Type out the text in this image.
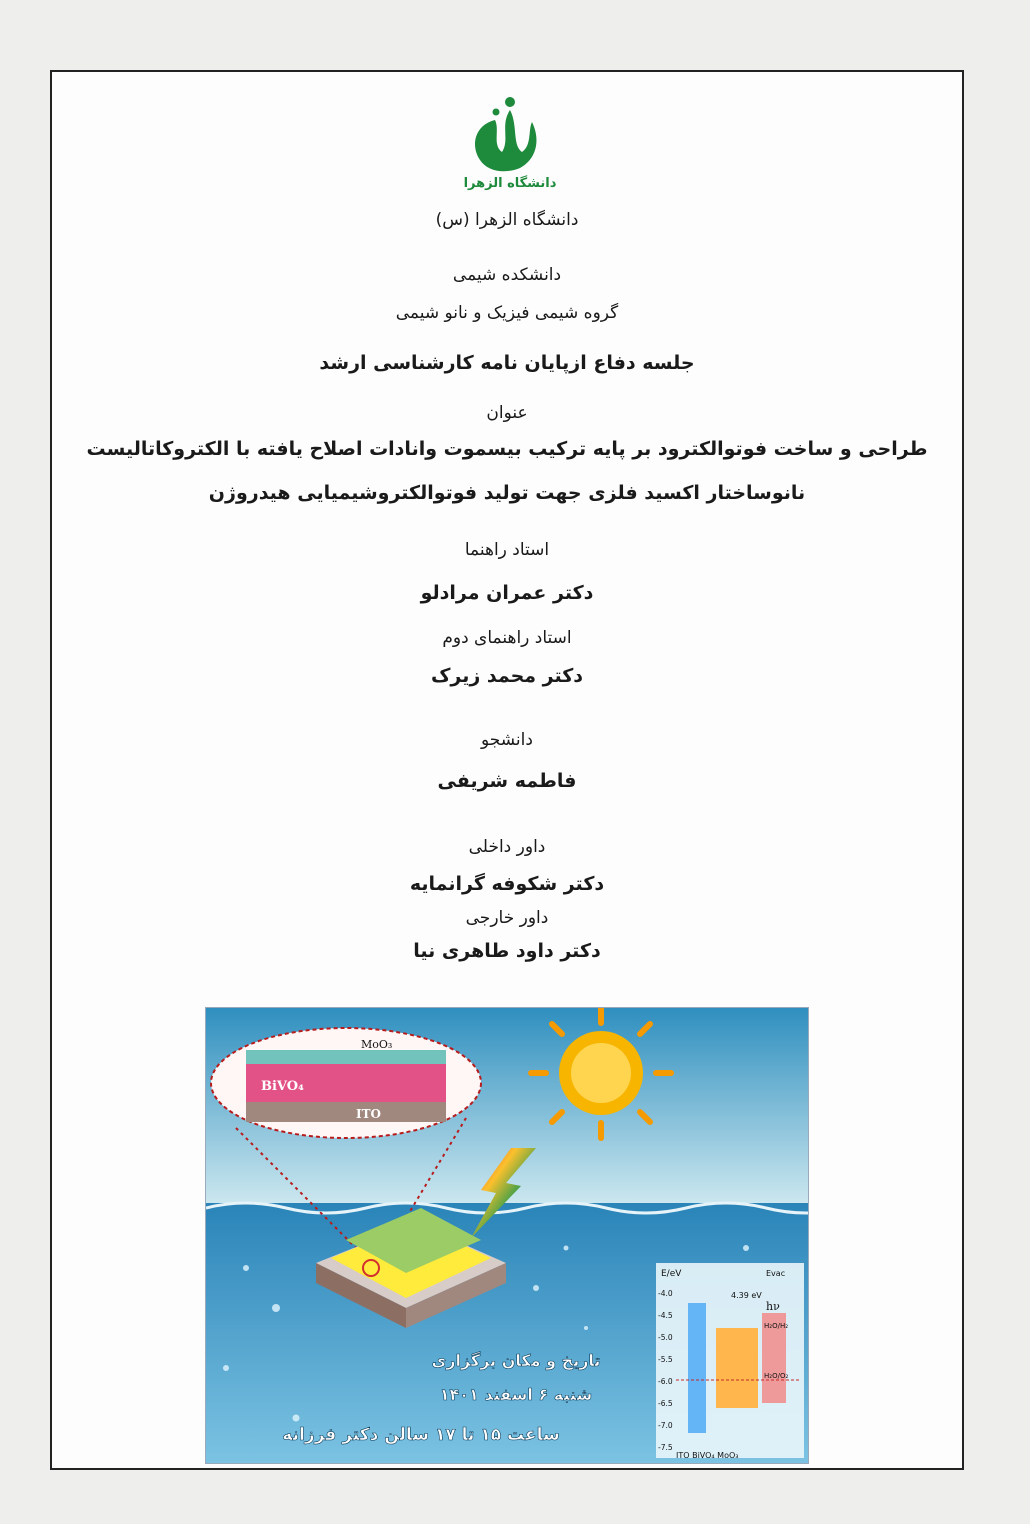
دانشگاه الزهرا
دانشگاه الزهرا (س)
دانشکده شیمی
گروه شیمی فیزیک و نانو شیمی
جلسه دفاع ازپایان نامه کارشناسی ارشد
عنوان
طراحی و ساخت فوتوالکترود بر پایه ترکیب بیسموت وانادات اصلاح یافته با الکتروکاتالیست
نانوساختار اکسید فلزی جهت تولید فوتوالکتروشیمیایی هیدروژن
استاد راهنما
دکتر عمران مرادلو
استاد راهنمای دوم
دکتر محمد زیرک
دانشجو
فاطمه شریفی
داور داخلی
دکتر شکوفه گرانمایه
داور خارجی
دکتر داود طاهری نیا
MoO₃
BiVO₄
ITO
E/eV	Evac
4.39 eV
hν
-4.0
-4.5
-5.0
-5.5
-6.0
-6.5
-7.0
-7.5
H₂O/H₂
H₂O/O₂
ITO BiVO₄ MoO₃
تاریخ و مکان برگزاری
شنبه ۶ اسفند ۱۴۰۱
ساعت ۱۵ تا ۱۷ سالن دکتر فرزانه
